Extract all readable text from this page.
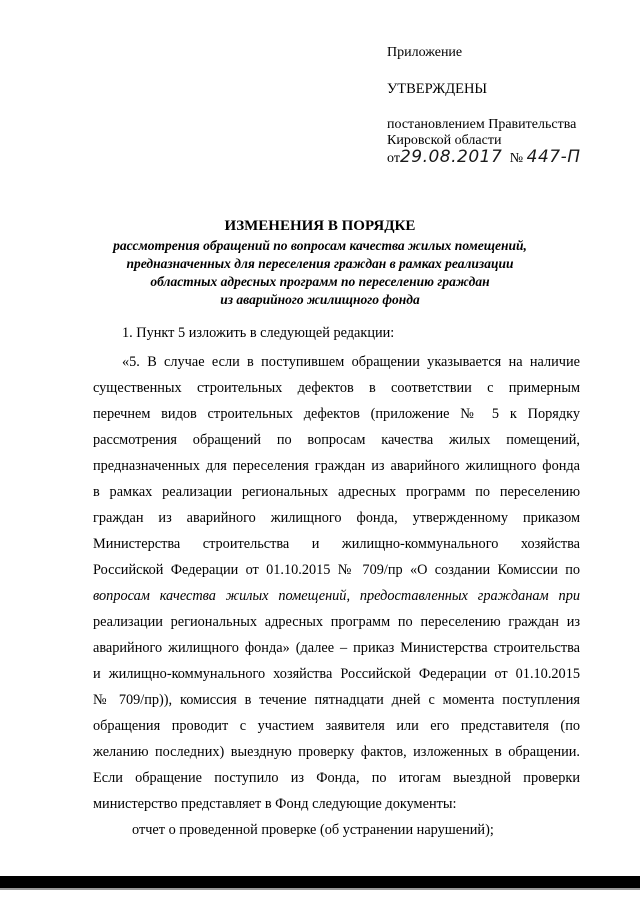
Приложение
УТВЕРЖДЕНЫ
постановлением Правительства
Кировской области
от29.08.2017 № 447-П
ИЗМЕНЕНИЯ В ПОРЯДКЕ
рассмотрения обращений по вопросам качества жилых помещений,
предназначенных для переселения граждан в рамках реализации
областных адресных программ по переселению граждан
из аварийного жилищного фонда
1. Пункт 5 изложить в следующей редакции:
«5. В случае если в поступившем обращении указывается на наличие
существенных строительных дефектов в соответствии с примерным
перечнем видов строительных дефектов (приложение № 5 к Порядку
рассмотрения обращений по вопросам качества жилых помещений,
предназначенных для переселения граждан из аварийного жилищного фонда
в рамках реализации региональных адресных программ по переселению
граждан из аварийного жилищного фонда, утвержденному приказом
Министерства строительства и жилищно-коммунального хозяйства
Российской Федерации от 01.10.2015 № 709/пр «О создании Комиссии по
вопросам качества жилых помещений, предоставленных гражданам при
реализации региональных адресных программ по переселению граждан из
аварийного жилищного фонда» (далее – приказ Министерства строительства
и жилищно-коммунального хозяйства Российской Федерации от 01.10.2015
№ 709/пр)), комиссия в течение пятнадцати дней с момента поступления
обращения проводит с участием заявителя или его представителя (по
желанию последних) выездную проверку фактов, изложенных в обращении.
Если обращение поступило из Фонда, по итогам выездной проверки
министерство представляет в Фонд следующие документы:
отчет о проведенной проверке (об устранении нарушений);
